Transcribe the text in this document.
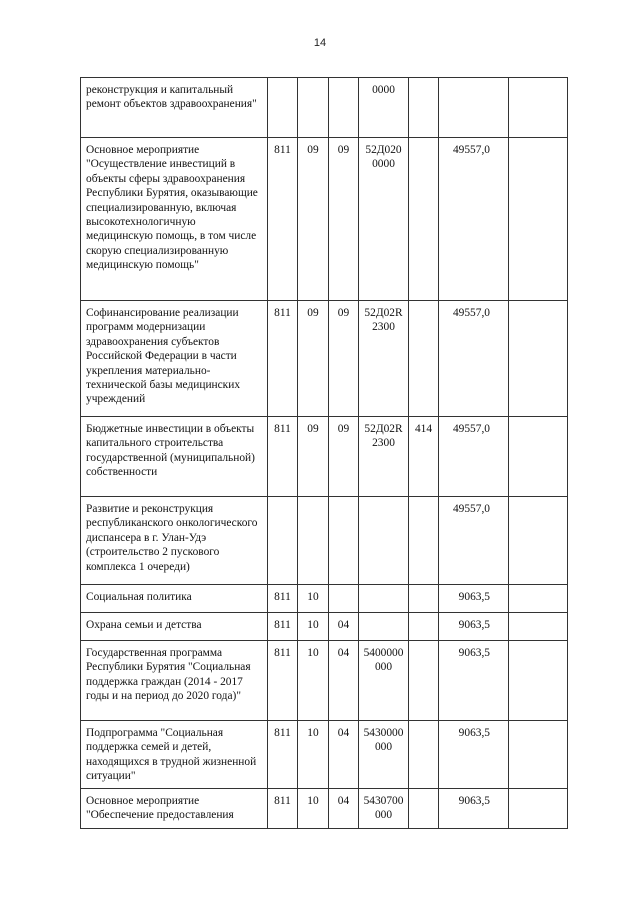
14
реконструкция и капитальный ремонт объектов здравоохранения"				0000			
Основное мероприятие "Осуществление инвестиций в объекты сферы здравоохранения Республики Бурятия, оказывающие специализированную, включая высокотехнологичную медицинскую помощь, в том числе скорую специализированную медицинскую помощь"	811	09	09	52Д020 0000		49557,0	
Софинансирование реализации программ модернизации здравоохранения субъектов Российской Федерации в части укрепления материально-технической базы медицинских учреждений	811	09	09	52Д02R 2300		49557,0	
Бюджетные инвестиции в объекты капитального строительства государственной (муниципальной) собственности	811	09	09	52Д02R 2300	414	49557,0	
Развитие и реконструкция республиканского онкологического диспансера в г. Улан-Удэ (строительство 2 пускового комплекса 1 очереди)						49557,0	
Социальная политика	811	10				9063,5	
Охрана семьи и детства	811	10	04			9063,5	
Государственная программа Республики Бурятия "Социальная поддержка граждан (2014 - 2017 годы и на период до 2020 года)"	811	10	04	5400000 000		9063,5	
Подпрограмма "Социальная поддержка семей и детей, находящихся в трудной жизненной ситуации"	811	10	04	5430000 000		9063,5	
Основное мероприятие "Обеспечение предоставления	811	10	04	5430700 000		9063,5	
